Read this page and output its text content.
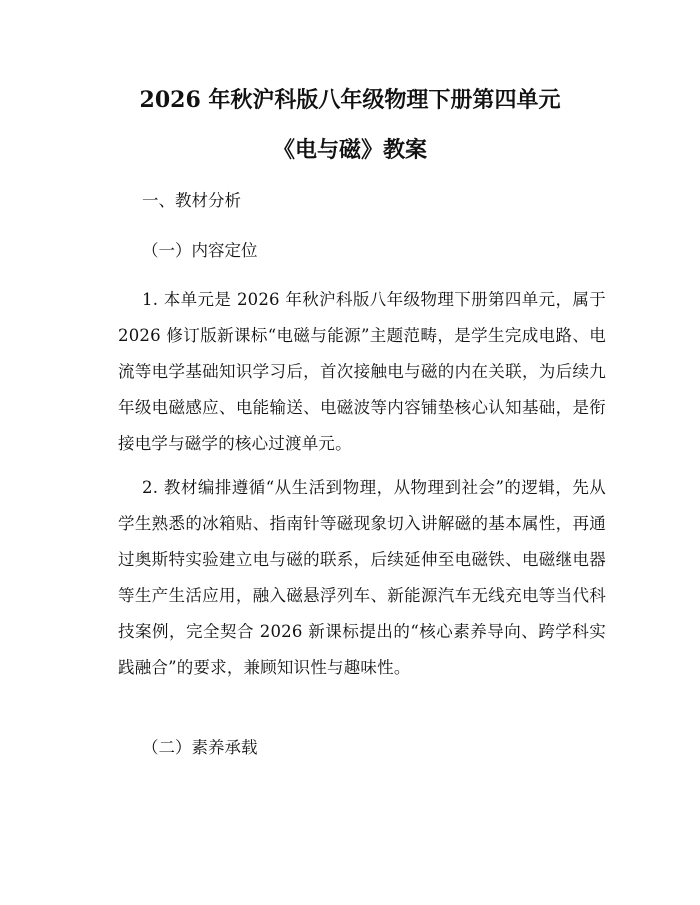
2026 年秋沪科版八年级物理下册第四单元
《电与磁》教案
一、教材分析
（一）内容定位
1. 本单元是 2026 年秋沪科版八年级物理下册第四单元，属于 2026 修订版新课标“电磁与能源”主题范畴，是学生完成电路、电流等电学基础知识学习后，首次接触电与磁的内在关联，为后续九年级电磁感应、电能输送、电磁波等内容铺垫核心认知基础，是衔接电学与磁学的核心过渡单元。
2. 教材编排遵循“从生活到物理，从物理到社会”的逻辑，先从学生熟悉的冰箱贴、指南针等磁现象切入讲解磁的基本属性，再通过奥斯特实验建立电与磁的联系，后续延伸至电磁铁、电磁继电器等生产生活应用，融入磁悬浮列车、新能源汽车无线充电等当代科技案例，完全契合 2026 新课标提出的“核心素养导向、跨学科实践融合”的要求，兼顾知识性与趣味性。
（二）素养承载
